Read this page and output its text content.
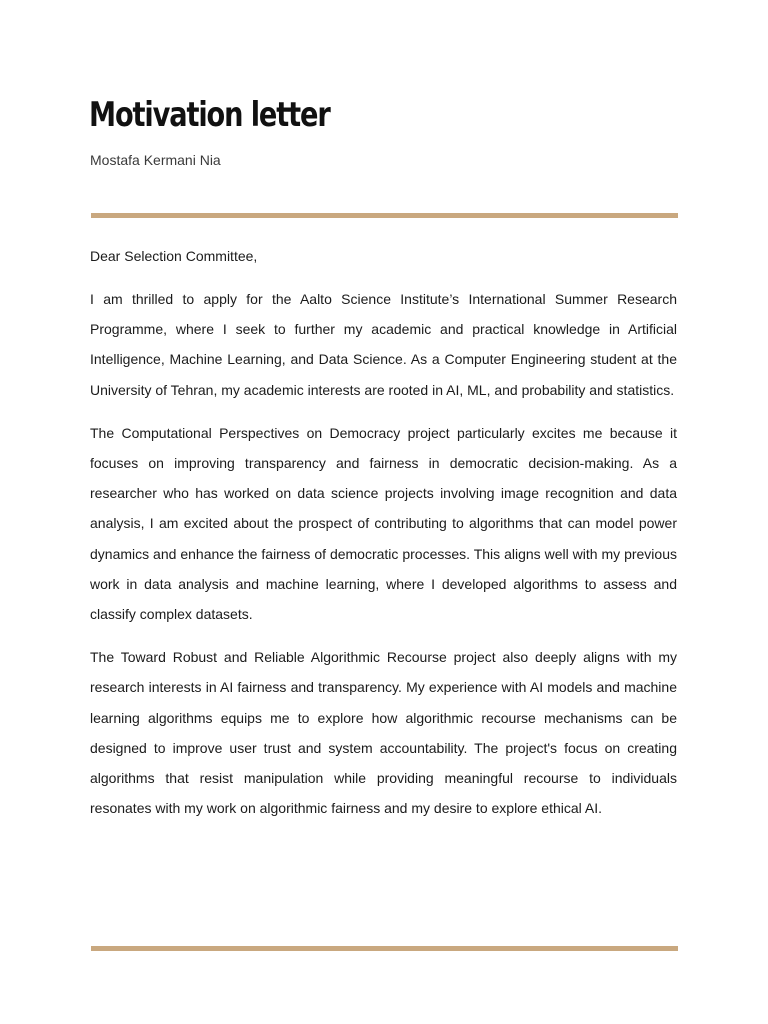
Motivation letter

Mostafa Kermani Nia

Dear Selection Committee,

I am thrilled to apply for the Aalto Science Institute’s International Summer Research Programme, where I seek to further my academic and practical knowledge in Artificial Intelligence, Machine Learning, and Data Science. As a Computer Engineering student at the University of Tehran, my academic interests are rooted in AI, ML, and probability and statistics.

The Computational Perspectives on Democracy project particularly excites me because it focuses on improving transparency and fairness in democratic decision-making. As a researcher who has worked on data science projects involving image recognition and data analysis, I am excited about the prospect of contributing to algorithms that can model power dynamics and enhance the fairness of democratic processes. This aligns well with my previous work in data analysis and machine learning, where I developed algorithms to assess and classify complex datasets.

The Toward Robust and Reliable Algorithmic Recourse project also deeply aligns with my research interests in AI fairness and transparency. My experience with AI models and machine learning algorithms equips me to explore how algorithmic recourse mechanisms can be designed to improve user trust and system accountability. The project's focus on creating algorithms that resist manipulation while providing meaningful recourse to individuals resonates with my work on algorithmic fairness and my desire to explore ethical AI.
